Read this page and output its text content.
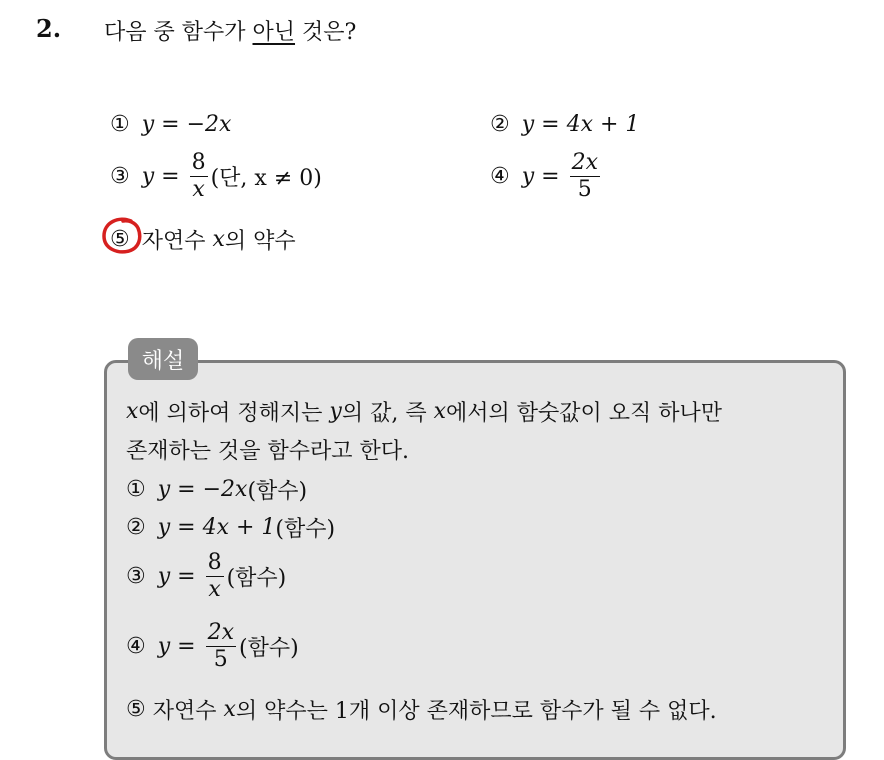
2. 다음 중 함수가 아닌 것은?
① y = −2x	② y = 4x + 1
③ $y = \frac{8}{x}$ (단, x ≠ 0)	④ $y = \frac{2x}{5}$
⑤ 자연수 x 의 약수
해설
x 에 의하여 정해지는 y 의 값, 즉 x 에서의 함숫값이 오직 하나만
존재하는 것을 함수라고 한다.
① y = −2x (함수)
② y = 4x + 1 (함수)
③ $y = \frac{8}{x}$ (함수)
④ $y = \frac{2x}{5}$ (함수)
⑤ 자연수 x 의 약수는 1개 이상 존재하므로 함수가 될 수 없다.
